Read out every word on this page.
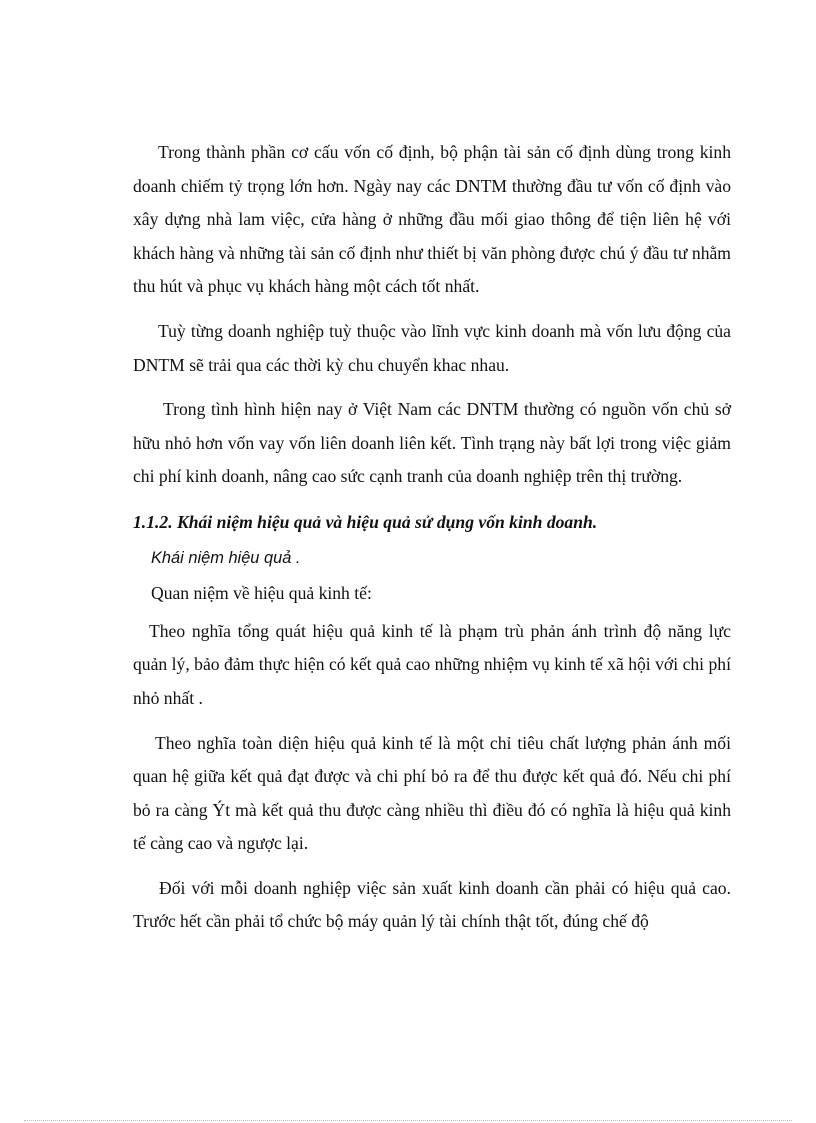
Trong thành phần cơ cấu vốn cố định, bộ phận tài sản cố định dùng trong kinh doanh chiếm tỷ trọng lớn hơn. Ngày nay các DNTM thường đầu tư vốn cố định vào xây dựng nhà lam việc, cửa hàng ở những đầu mối giao thông để tiện liên hệ với khách hàng và những tài sản cố định như thiết bị văn phòng được chú ý đầu tư nhằm thu hút và phục vụ khách hàng một cách tốt nhất.

Tuỳ từng doanh nghiệp tuỳ thuộc vào lĩnh vực kinh doanh mà vốn lưu động của DNTM sẽ trải qua các thời kỳ chu chuyển khac nhau.

Trong tình hình hiện nay ở Việt Nam các DNTM thường có nguồn vốn chủ sở hữu nhỏ hơn vốn vay vốn liên doanh liên kết. Tình trạng này bất lợi trong việc giảm chi phí kinh doanh, nâng cao sức cạnh tranh của doanh nghiệp trên thị trường.

1.1.2. Khái niệm hiệu quả và hiệu quả sử dụng vốn kinh doanh.

Khái niệm hiệu quả .

Quan niệm về hiệu quả kinh tế:

Theo nghĩa tổng quát hiệu quả kinh tế là phạm trù phản ánh trình độ năng lực quản lý, bảo đảm thực hiện có kết quả cao những nhiệm vụ kinh tế xã hội với chi phí nhỏ nhất .

Theo nghĩa toàn diện hiệu quả kinh tế là một chỉ tiêu chất lượng phản ánh mối quan hệ giữa kết quả đạt được và chi phí bỏ ra để thu được kết quả đó. Nếu chi phí bỏ ra càng Ýt mà kết quả thu được càng nhiều thì điều đó có nghĩa là hiệu quả kinh tế càng cao và ngược lại.

Đối với mỗi doanh nghiệp việc sản xuất kinh doanh cần phải có hiệu quả cao. Trước hết cần phải tổ chức bộ máy quản lý tài chính thật tốt, đúng chế độ
